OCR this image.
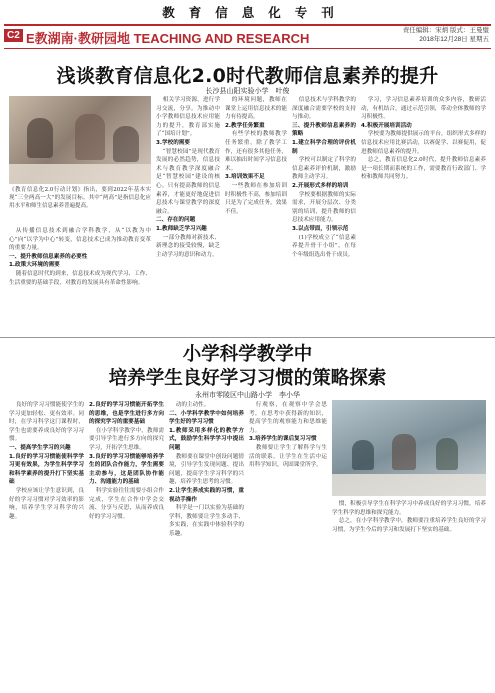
教育信息化专刊
C2 E教湖南·教研园地 TEACHING AND RESEARCH
责任编辑：宋炳 版式：王曼璧
2018年12月28日 星期五
浅谈教育信息化2.0时代教师信息素养的提升
长沙县山阳实验小学　叶俊
《教育信息化2.0行动计划》指出，要到2022年基本实现“三全两高一大”的发展目标。其中“两高”是指信息化应用水平和师生信息素养普遍提高。
从传播信息技术到融合学科教学，从“以教为中心”向“以学为中心”转变，信息技术已成为推动教育变革的重要力量。
一、提升教师信息素养的必要性
1.政策大环境的需要
随着信息时代的到来，信息技术成为现代学习、工作、生活重要的基础手段，对教育的发展具有革命性影响。
相关学习资源，进行学习交流，分享。为推动中小学教师信息技术应用能力的提升，教育部实施了“国培计划”。
3.学校的需要
“智慧校园”是现代教育发展的必然趋势，信息技术与教育教学深度融合是“智慧校园”建设的核心。只有提高教师的信息素养，才能更好地促进信息技术与课堂教学的深度融合。
二、存在的问题
1.教师缺乏学习兴趣
一部分教师对新技术、新理念的接受较慢，缺乏主动学习的意识和动力。
的环境问题，教师在课堂上运用信息技术的能力有待提高。
2.教学任务繁重
有些学校的教师教学任务繁重，除了教学工作，还有很多其他任务，难以抽出时间学习信息技术。
3.培训效果不足
一些教师在参加培训时积极性不高，参加培训只是为了完成任务，效果不佳。
信息技术与学科教学的深度融合需要学校的支持与推动。
三、提升教师信息素养的策略
1.建立科学合理的评价机制
学校可以制定了科学的信息素养评价机制，激励教师主动学习。
2.开展形式多样的培训
学校要根据教师的实际需求，开展分层次、分类别的培训，提升教师的信息技术应用能力。
3.以点带面，引领示范
(1)学校成立了“信息素养提升骨干小组”，在每个年级组选出骨干成员。
学习，学习信息素养培训的众多内容，教研活动，有机结合，通过示范引领，带动全体教师的学习积极性。
4.积极开展培训活动
学校要为教师提供展示的平台，组织形式多样的信息技术应用比赛活动，以赛促学、以赛促用，促进教师信息素养的提升。
总之，教育信息化2.0时代，提升教师信息素养是一项长期而系统的工作，需要教育行政部门、学校和教师共同努力。
小学科学教学中
培养学生良好学习习惯的策略探索
永州市零陵区中山路小学　李小华
良好的学习习惯能使学生的学习更加轻松、更有效率。同时，在学习科学这门课程时，学生也需要养成良好的学习习惯。
一、提高学生学习的兴趣
1.良好的学习习惯能使科学学习更有效果，为学生科学学习和科学素养的提升打下坚实基础
学校应该让学生意识到，良好的学习习惯对学习效率的影响，培养学生学习科学的兴趣。
2.良好的学习习惯能开拓学生的思维，也是学生进行多方向的探究学习的重要基础
在小学科学教学中，教师需要引导学生进行多方向的探究学习，开拓学生思维。
3.良好的学习习惯能够培养学生的团队合作能力，学生需要主动参与，这是团队协作能力、沟通能力的基础
科学实验往往需要小组合作完成，学生在合作中学会交流、分享与反思，从而养成良好的学习习惯。
动的主动性。
二、小学科学教学中如何培养学生好的学习习惯
1.教师采用多样化的教学方式，鼓励学生科学学习中提出问题
教师要在课堂中创设问题情境，引导学生发现问题、提出问题，提高学生学习科学的兴趣，培养学生思考的习惯。
2.让学生养成实践的习惯，重视动手操作
科学是一门以实验为基础的学科，教师要让学生多动手、多实践，在实践中体验科学的乐趣。
行观察，在观察中学会思考，在思考中获得新的知识，提高学生的观察能力和思维能力。
3.培养学生的课后复习习惯
教师要让学生了解科学与生活的联系，让学生在生活中运用科学知识，巩固课堂所学。
惯，积极引导学生在科学学习中养成良好的学习习惯，培养学生科学的思维和探究能力。
总之，在小学科学教学中，教师要注重培养学生良好的学习习惯，为学生今后的学习和发展打下坚实的基础。
